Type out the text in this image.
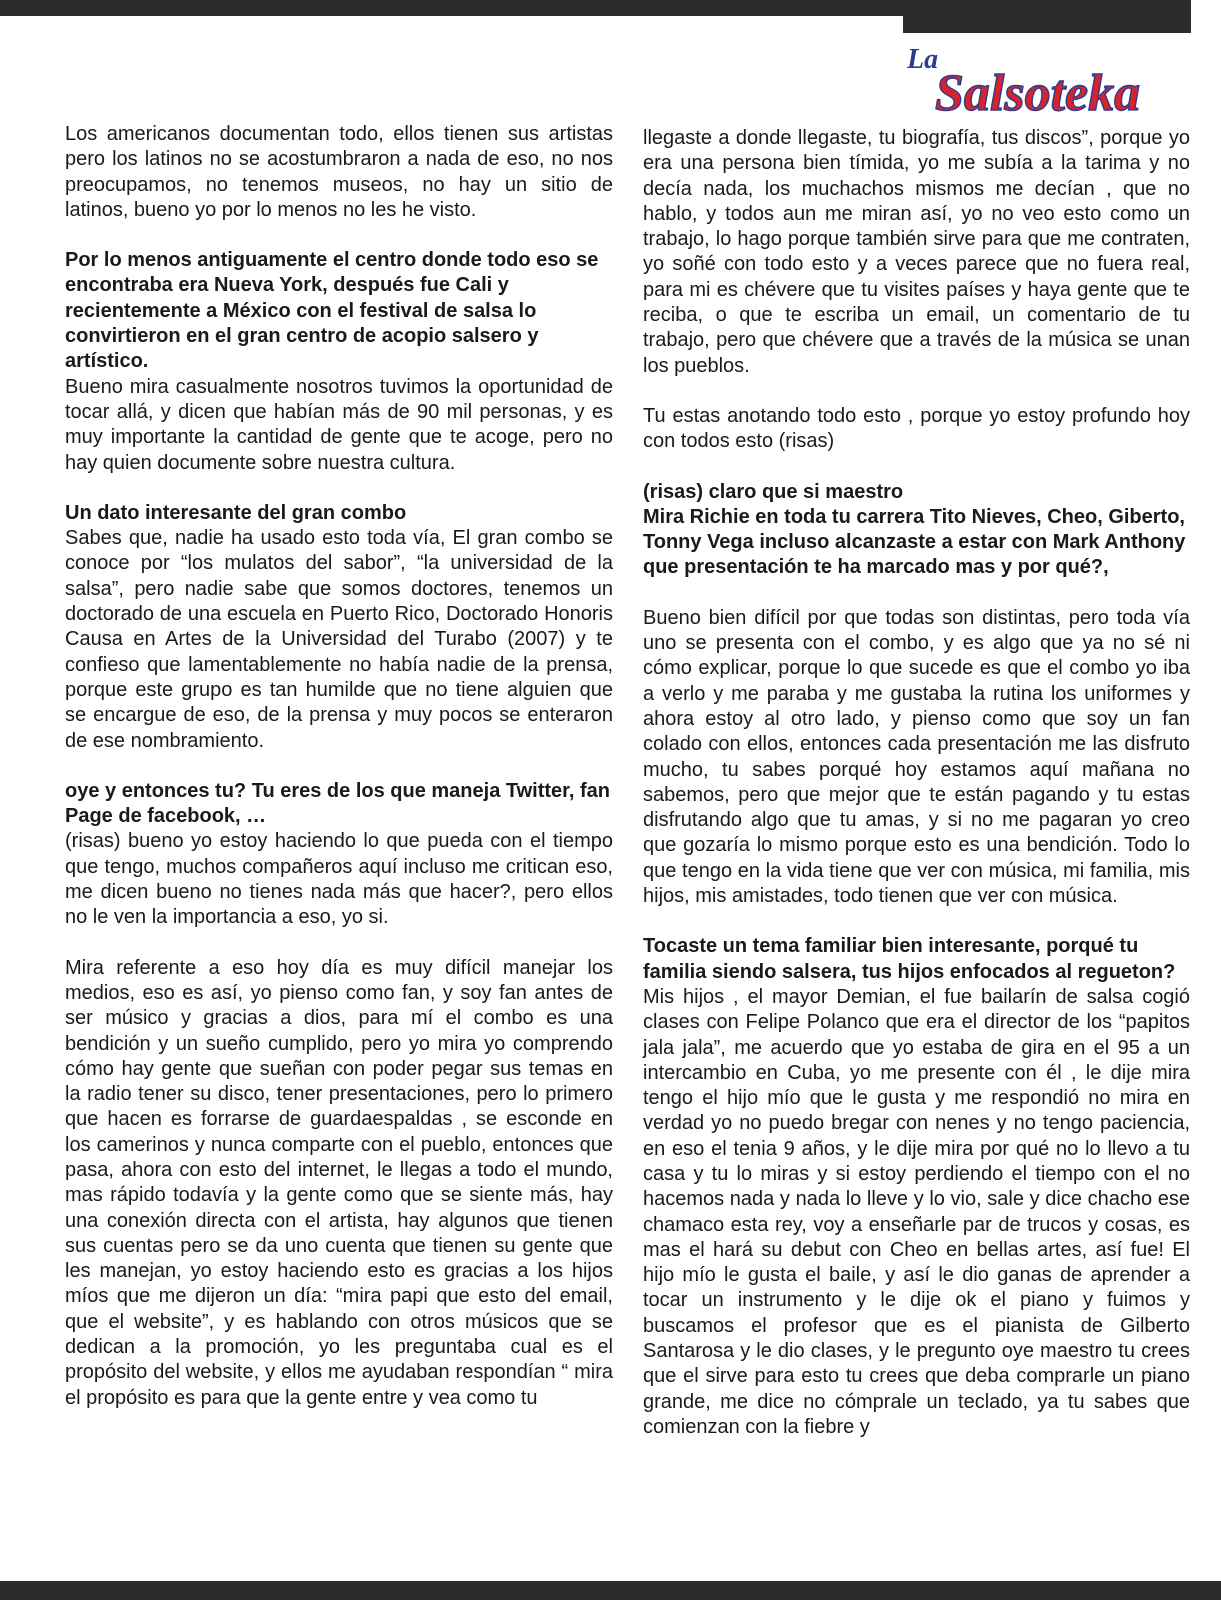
La
Salsoteka

Los americanos documentan todo, ellos tienen sus artistas pero los latinos no se acostumbraron a nada de eso, no nos preocupamos, no tenemos museos, no hay un sitio de latinos, bueno yo por lo menos no les he visto.

Por lo menos antiguamente el centro donde todo eso se encontraba era Nueva York, después fue Cali y recientemente a México con el festival de salsa lo convirtieron en el gran centro de acopio salsero y artístico.

Bueno mira casualmente nosotros tuvimos la oportunidad de tocar allá, y dicen que habían más de 90 mil personas, y es muy importante la cantidad de gente que te acoge, pero no hay quien documente sobre nuestra cultura.

Un dato interesante del gran combo

Sabes que, nadie ha usado esto toda vía, El gran combo se conoce por “los mulatos del sabor”, “la universidad de la salsa”, pero nadie sabe que somos doctores, tenemos un doctorado de una escuela en Puerto Rico, Doctorado Honoris Causa en Artes de la Universidad del Turabo (2007) y te confieso que lamentablemente no había nadie de la prensa, porque este grupo es tan humilde que no tiene alguien que se encargue de eso, de la prensa y muy pocos se enteraron de ese nombramiento.

oye y entonces tu? Tu eres de los que maneja Twitter, fan Page de facebook, …

(risas) bueno yo estoy haciendo lo que pueda con el tiempo que tengo, muchos compañeros aquí incluso me critican eso, me dicen bueno no tienes nada más que hacer?, pero ellos no le ven la importancia a eso, yo si.

Mira referente a eso hoy día es muy difícil manejar los medios, eso es así, yo pienso como fan, y soy fan antes de ser músico y gracias a dios, para mí el combo es una bendición y un sueño cumplido, pero yo mira yo comprendo cómo hay gente que sueñan con poder pegar sus temas en la radio tener su disco, tener presentaciones, pero lo primero que hacen es forrarse de guardaespaldas , se esconde en los camerinos y nunca comparte con el pueblo, entonces que pasa, ahora con esto del internet, le llegas a todo el mundo, mas rápido todavía y la gente como que se siente más, hay una conexión directa con el artista, hay algunos que tienen sus cuentas pero se da uno cuenta que tienen su gente que les manejan, yo estoy haciendo esto es gracias a los hijos míos que me dijeron un día: “mira papi que esto del email, que el website”, y es hablando con otros músicos que se dedican a la promoción, yo les preguntaba cual es el propósito del website, y ellos me ayudaban respondían “ mira el propósito es para que la gente entre y vea como tu

llegaste a donde llegaste, tu biografía, tus discos”, porque yo era una persona bien tímida, yo me subía a la tarima y no decía nada, los muchachos mismos me decían , que no hablo, y todos aun me miran así, yo no veo esto como un trabajo, lo hago porque también sirve para que me contraten, yo soñé con todo esto y a veces parece que no fuera real, para mi es chévere que tu visites países y haya gente que te reciba, o que te escriba un email, un comentario de tu trabajo, pero que chévere que a través de la música se unan los pueblos.

Tu estas anotando todo esto , porque yo estoy profundo hoy con todos esto (risas)

(risas) claro que si maestro
Mira Richie en toda tu carrera Tito Nieves, Cheo, Giberto, Tonny Vega incluso alcanzaste a estar con Mark Anthony que presentación te ha marcado mas y por qué?,

Bueno bien difícil por que todas son distintas, pero toda vía uno se presenta con el combo, y es algo que ya no sé ni cómo explicar, porque lo que sucede es que el combo yo iba a verlo y me paraba y me gustaba la rutina los uniformes y ahora estoy al otro lado, y pienso como que soy un fan colado con ellos, entonces cada presentación me las disfruto mucho, tu sabes porqué hoy estamos aquí mañana no sabemos, pero que mejor que te están pagando y tu estas disfrutando algo que tu amas, y si no me pagaran yo creo que gozaría lo mismo porque esto es una bendición. Todo lo que tengo en la vida tiene que ver con música, mi familia, mis hijos, mis amistades, todo tienen que ver con música.

Tocaste un tema familiar bien interesante, porqué tu familia siendo salsera, tus hijos enfocados al regueton?

Mis hijos , el mayor Demian, el fue bailarín de salsa cogió clases con Felipe Polanco que era el director de los “papitos jala jala”, me acuerdo que yo estaba de gira en el 95 a un intercambio en Cuba, yo me presente con él , le dije mira tengo el hijo mío que le gusta y me respondió no mira en verdad yo no puedo bregar con nenes y no tengo paciencia, en eso el tenia 9 años, y le dije mira por qué no lo llevo a tu casa y tu lo miras y si estoy perdiendo el tiempo con el no hacemos nada y nada lo lleve y lo vio, sale y dice chacho ese chamaco esta rey, voy a enseñarle par de trucos y cosas, es mas el hará su debut con Cheo en bellas artes, así fue! El hijo mío le gusta el baile, y así le dio ganas de aprender a tocar un instrumento y le dije ok el piano y fuimos y buscamos el profesor que es el pianista de Gilberto Santarosa y le dio clases, y le pregunto oye maestro tu crees que el sirve para esto tu crees que deba comprarle un piano grande, me dice no cómprale un teclado, ya tu sabes que comienzan con la fiebre y
